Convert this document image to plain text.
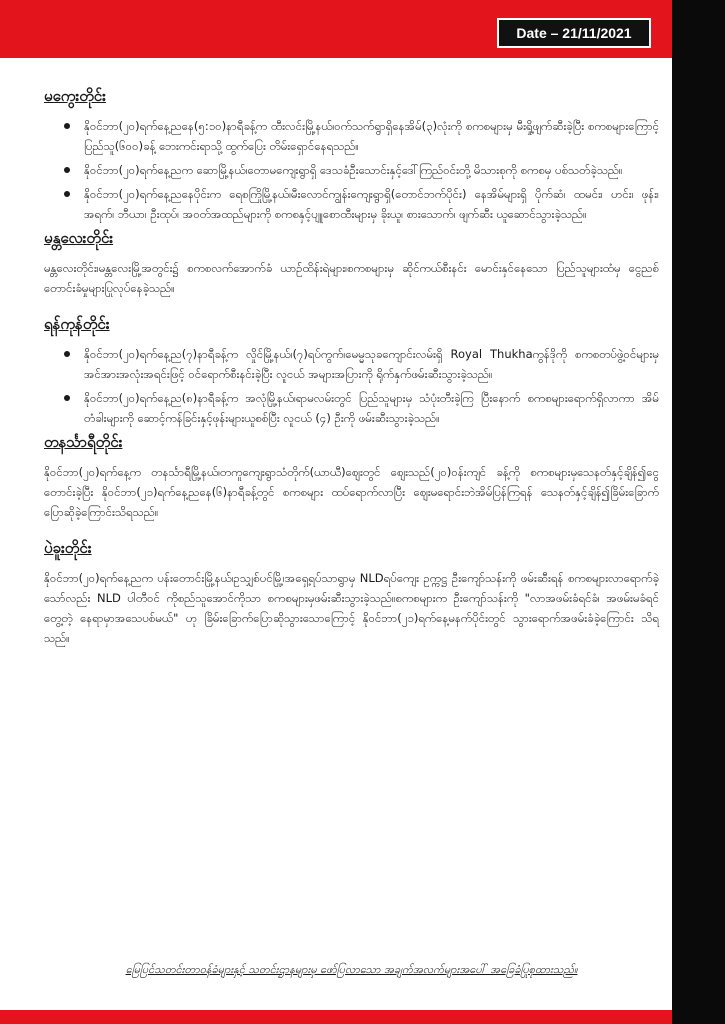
Date – 21/11/2021
မကွေးတိုင်း
နိုဝင်ဘာ(၂၀)ရက်နေ့ညနေ(၅:၁၀)နာရီခန့်က ထီးလင်းမြို့နယ်၊ဝက်သက်ရွာရှိနေအိမ်(၃)လုံးကို စကစများမှ မီးရှို့ဖျက်ဆီးခဲ့ပြီး စကစများကြောင့် ပြည်သူ(၆၀၀)ခန့် ဘေးကင်းရာသို့ ထွက်ပြေး တိမ်းရှောင်နေရသည်။
နိုဝင်ဘာ(၂၀)ရက်နေ့ညက ဆောမြို့နယ်၊တောမကျေးရွာရှိ ဒေသခံဦးသောင်းနှင့်ဒေါ်ကြည်ဝင်းတို့ မိသားစုကို စကစမှ ပစ်သတ်ခဲ့သည်။
နိုဝင်ဘာ(၂၀)ရက်နေ့ညနေပိုင်းက ရေစကြိုမြို့နယ်၊မီးလောင်ကျွန်းကျေးရွာရှိ(တောင်ဘက်ပိုင်း) နေအိမ်များရှိ ပိုက်ဆံ၊ ထမင်း၊ ဟင်း၊ ဖုန်း၊ အရက်၊ ဘီယာ၊ ဦးထုပ်၊ အဝတ်အထည်များကို စကစနှင့်ပျူစောထီးများမှ ခိုးယူ၊ စားသောက်၊ ဖျက်ဆီး ယူဆောင်သွားခဲ့သည်။
မန္တလေးတိုင်း

မန္တလေးတိုင်း၊မန္တလေးမြို့အတွင်း၌ စကစလက်အောက်ခံ ယာဉ်ထိန်းရဲများ၊စကစများမှ ဆိုင်ကယ်စီးနင်း မောင်းနှင်နေသော ပြည်သူများထံမှ ငွေညစ်တောင်းခံမှုများပြုလုပ်နေခဲ့သည်။

ရန်ကုန်တိုင်း
နိုဝင်ဘာ(၂၀)ရက်နေ့ည(၇)နာရီခန့်က လှိုင်မြို့နယ်၊(၇)ရပ်ကွက်၊မေမ္မသုခကျောင်းလမ်းရှိ Royal Thukhaကွန်ဒိုကို စကစတပ်ဖွဲ့ဝင်များမှ အင်အားအလုံးအရင်းဖြင့် ဝင်ရောက်စီးနင်းခဲ့ပြီး လူငယ် အများအပြားကို ရိုက်နှက်ဖမ်းဆီးသွားခဲ့သည်။
နိုဝင်ဘာ(၂၀)ရက်နေ့ည(၈)နာရီခန့်က အလုံမြို့နယ်၊ရာမလမ်းတွင် ပြည်သူများမှ သံပုံးတီးခဲ့ကြ ပြီးနောက် စကစများရောက်ရှိလာကာ အိမ်တံခါးများကို ဆောင့်ကန်ခြင်းနှင့်ဖုန်းများယူစစ်ပြီး လူငယ် (၄) ဦးကို ဖမ်းဆီးသွားခဲ့သည်။
တနင်္သာရီတိုင်း

နိုဝင်ဘာ(၂၀)ရက်နေ့က တနင်္သာရီမြို့နယ်၊တကူကျေးရွာသံတိုက်(ယာယီ)ဈေးတွင် ဈေးသည်(၂၀)ဝန်းကျင် ခန့်ကို စကစများမှသေနတ်နှင့်ချိန်၍ငွေတောင်းခဲ့ပြီး နိုဝင်ဘာ(၂၁)ရက်နေ့ညနေ(၆)နာရီခန့်တွင် စကစများ ထပ်ရောက်လာပြီး ဈေးမရောင်းဘဲအိမ်ပြန်ကြရန် သေနတ်နှင့်ချိန်၍ခြိမ်းခြောက်ပြောဆိုခဲ့ကြောင်းသိရသည်။

ပဲခူးတိုင်း

နိုဝင်ဘာ(၂၀)ရက်နေ့ညက ပန်းတောင်းမြို့နယ်၊ဥသျှစ်ပင်မြို့၊အရှေ့ရပ်သာရွာမှ NLDရပ်ကျေး ဥက္ကဋ္ဌ ဦးကျော်သန်းကို ဖမ်းဆီးရန် စကစများလာရောက်ခဲ့သော်လည်း NLD ပါတီဝင် ကိုစည်သူအောင်ကိုသာ စကစများမှဖမ်းဆီးသွားခဲ့သည်။စကစများက ဦးကျော်သန်းကို "လာအဖမ်းခံရင်ခံ၊ အဖမ်းမခံရင် တွေ့တဲ့ နေရာမှာအသေပစ်မယ်" ဟု ခြိမ်းခြောက်ပြောဆိုသွားသောကြောင့် နိုဝင်ဘာ(၂၁)ရက်နေ့မနက်ပိုင်းတွင် သွားရောက်အဖမ်းခံခဲ့ကြောင်း သိရသည်။

မြေပြင်သတင်းတာဝန်ခံများနှင့် သတင်းဌာနများမှ ဖော်ပြလာသော အချက်အလက်များအပေါ် အခြေခံပြုစုထားသည်။
